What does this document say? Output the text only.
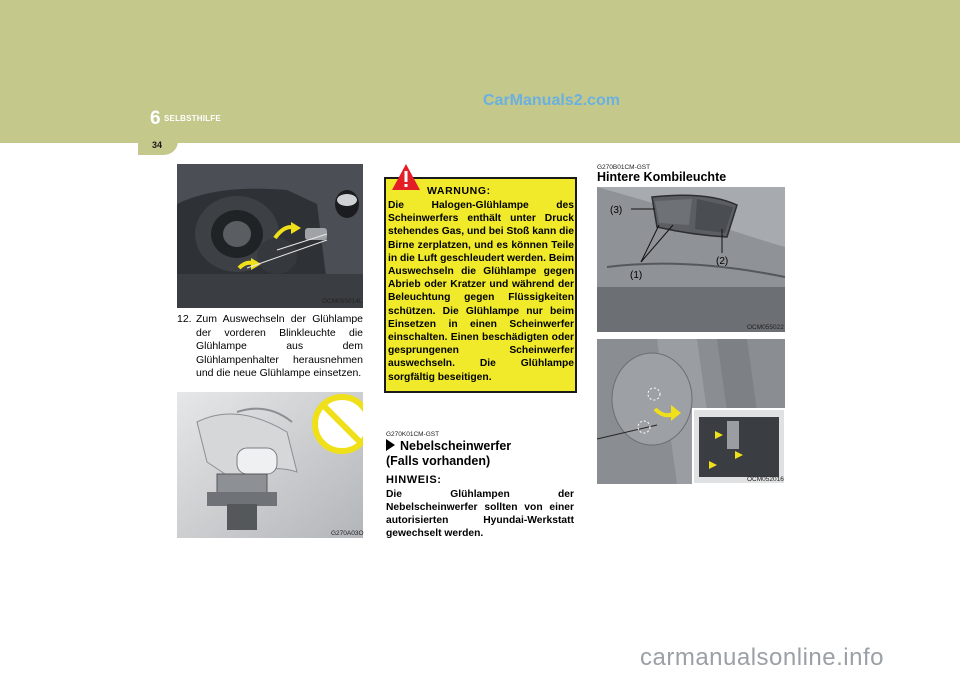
6 SELBSTHILFE
34
CarManuals2.com
OCM055014L
12. Zum Auswechseln der Glühlampe der vorderen Blinkleuchte die Glühlampe aus dem Glühlampenhalter herausnehmen und die neue Glühlampe einsetzen.
G270A03O
WARNUNG:
Die Halogen-Glühlampe des Scheinwerfers enthält unter Druck stehendes Gas, und bei Stoß kann die Birne zerplatzen, und es können Teile in die Luft geschleudert werden. Beim Auswechseln die Glühlampe gegen Abrieb oder Kratzer und während der Beleuchtung gegen Flüssigkeiten schützen. Die Glühlampe nur beim Einsetzen in einen Scheinwerfer einschalten. Einen beschädigten oder gesprungenen Scheinwerfer auswechseln. Die Glühlampe sorgfältig beseitigen.
G270K01CM-GST
Nebelscheinwerfer
(Falls vorhanden)
HINWEIS:
Die Glühlampen der Nebelscheinwerfer sollten von einer autorisierten Hyundai-Werkstatt gewechselt werden.
G270B01CM-GST
Hintere Kombileuchte
(3)
(1)
(2)
OCM055022
OCM052016
carmanualsonline.info
